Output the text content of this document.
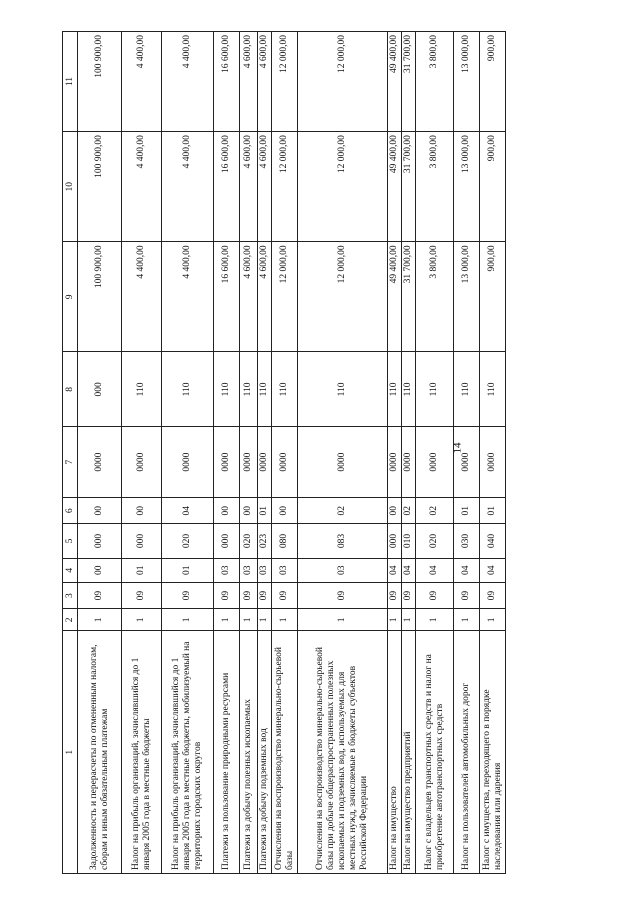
14
1	2	3	4	5	6	7	8	9	10	11
Задолженность и перерасчеты по отмененным налогам, сборам и иным обязательным платежам	1	09	00	000	00	0000	000	100 900,00	100 900,00	100 900,00
Налог на прибыль организаций, зачислявшийся до 1 января 2005 года в местные бюджеты	1	09	01	000	00	0000	110	4 400,00	4 400,00	4 400,00
Налог на прибыль организаций, зачислявшийся до 1 января 2005 года в местные бюджеты, мобилизуемый на территориях городских округов	1	09	01	020	04	0000	110	4 400,00	4 400,00	4 400,00
Платежи за пользование природными ресурсами	1	09	03	000	00	0000	110	16 600,00	16 600,00	16 600,00
Платежи за добычу полезных ископаемых	1	09	03	020	00	0000	110	4 600,00	4 600,00	4 600,00
Платежи за добычу подземных вод	1	09	03	023	01	0000	110	4 600,00	4 600,00	4 600,00
Отчисления на воспроизводство минерально-сырьевой базы	1	09	03	080	00	0000	110	12 000,00	12 000,00	12 000,00
Отчисления на воспроизводство минерально-сырьевой базы при добыче общераспространенных полезных ископаемых и подземных вод, используемых для местных нужд, зачисляемые в бюджеты субъектов Российской Федерации	1	09	03	083	02	0000	110	12 000,00	12 000,00	12 000,00
Налог на имущество	1	09	04	000	00	0000	110	49 400,00	49 400,00	49 400,00
Налог на имущество предприятий	1	09	04	010	02	0000	110	31 700,00	31 700,00	31 700,00
Налог с владельцев транспортных средств и налог на приобретение автотранспортных средств	1	09	04	020	02	0000	110	3 800,00	3 800,00	3 800,00
Налог на пользователей автомобильных дорог	1	09	04	030	01	0000	110	13 000,00	13 000,00	13 000,00
Налог с имущества, переходящего в порядке наследования или дарения	1	09	04	040	01	0000	110	900,00	900,00	900,00
